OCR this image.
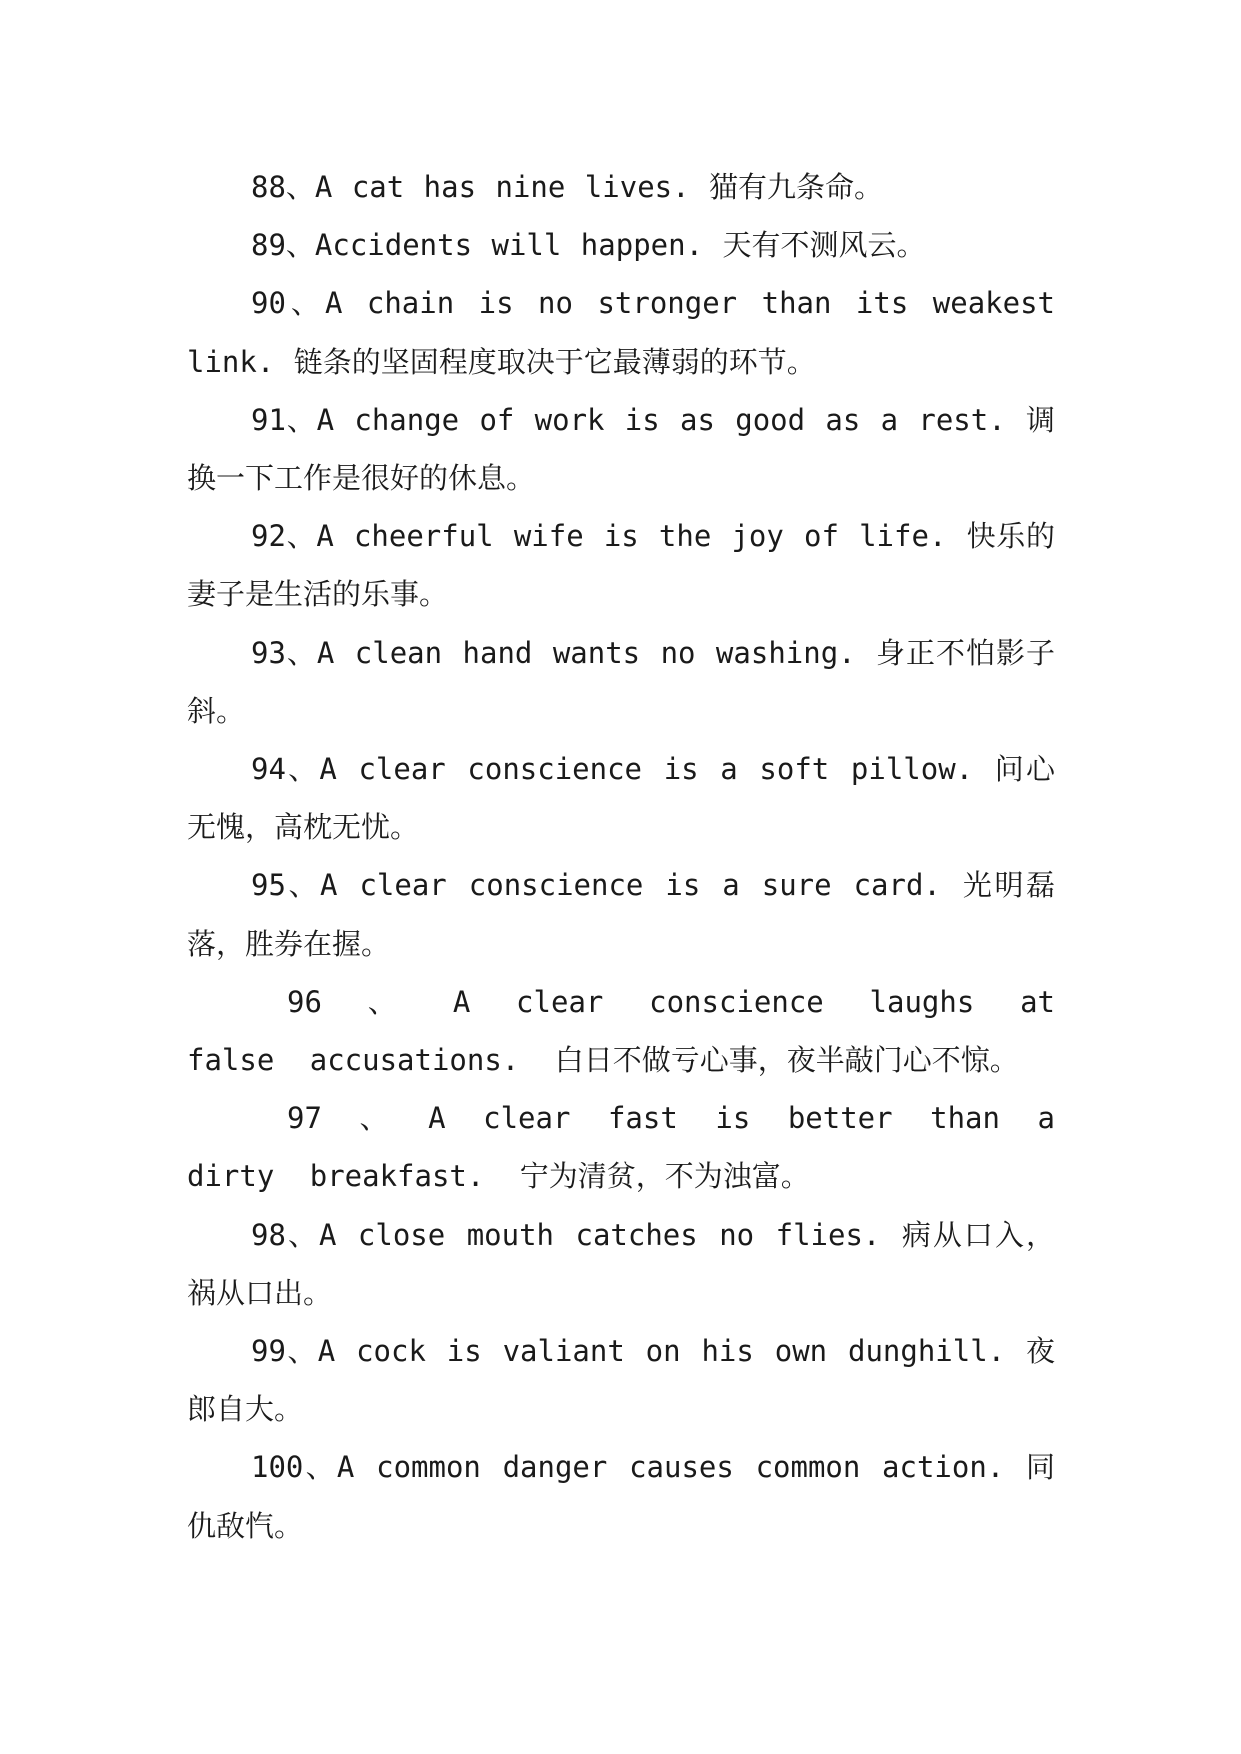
88、A cat has nine lives. 猫有九条命。

89、Accidents will happen. 天有不测风云。

90、A chain is no stronger than its weakest link. 链条的坚固程度取决于它最薄弱的环节。

91、A change of work is as good as a rest. 调换一下工作是很好的休息。

92、A cheerful wife is the joy of life. 快乐的妻子是生活的乐事。

93、A clean hand wants no washing. 身正不怕影子斜。

94、A clear conscience is a soft pillow. 问心无愧，高枕无忧。

95、A clear conscience is a sure card. 光明磊落，胜券在握。

96 、 A clear conscience laughs at false accusations. 白日不做亏心事，夜半敲门心不惊。

97 、 A clear fast is better than a dirty breakfast. 宁为清贫，不为浊富。

98、A close mouth catches no flies. 病从口入，祸从口出。

99、A cock is valiant on his own dunghill. 夜郎自大。

100、A common danger causes common action. 同仇敌忾。
